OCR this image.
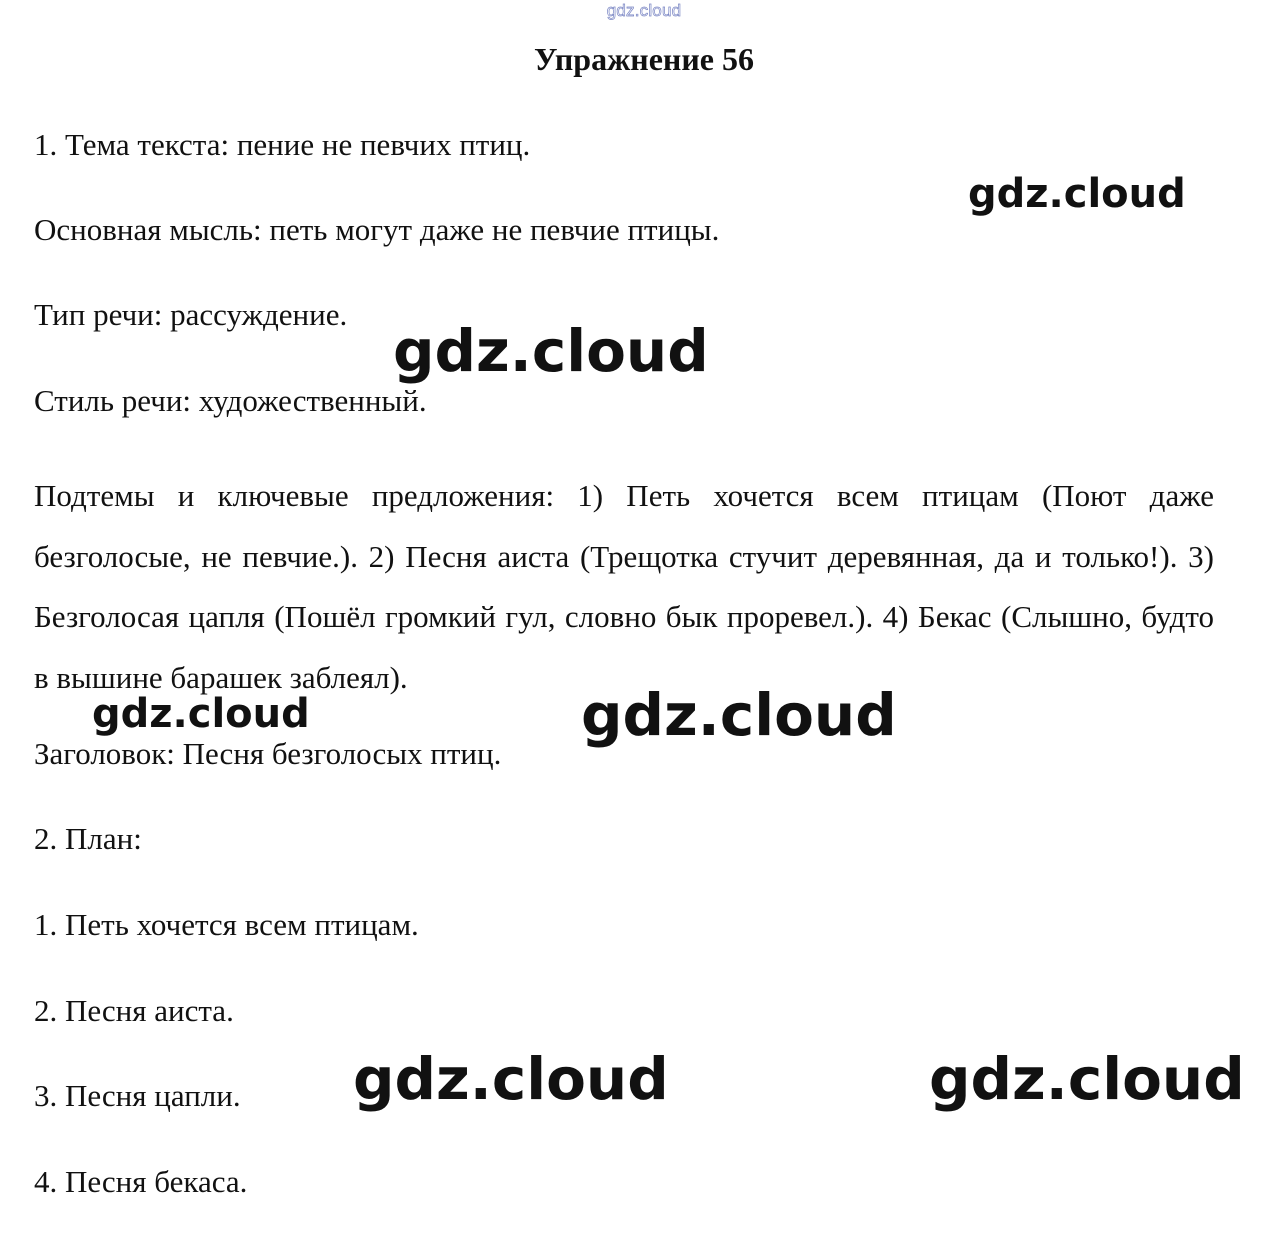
gdz.cloud
Упражнение 56
1. Тема текста: пение не певчих птиц.
Основная мысль: петь могут даже не певчие птицы.
Тип речи: рассуждение.
Стиль речи: художественный.
Подтемы и ключевые предложения: 1) Петь хочется всем птицам (Поют даже безголосые, не певчие.). 2) Песня аиста (Трещотка стучит деревянная, да и только!). 3) Безголосая цапля (Пошёл громкий гул, словно бык проревел.). 4) Бекас (Слышно, будто в вышине барашек заблеял).
Заголовок: Песня безголосых птиц.
2. План:
1. Петь хочется всем птицам.
2. Песня аиста.
3. Песня цапли.
4. Песня бекаса.
gdz.cloud
gdz.cloud
gdz.cloud	gdz.cloud
gdz.cloud	gdz.cloud
